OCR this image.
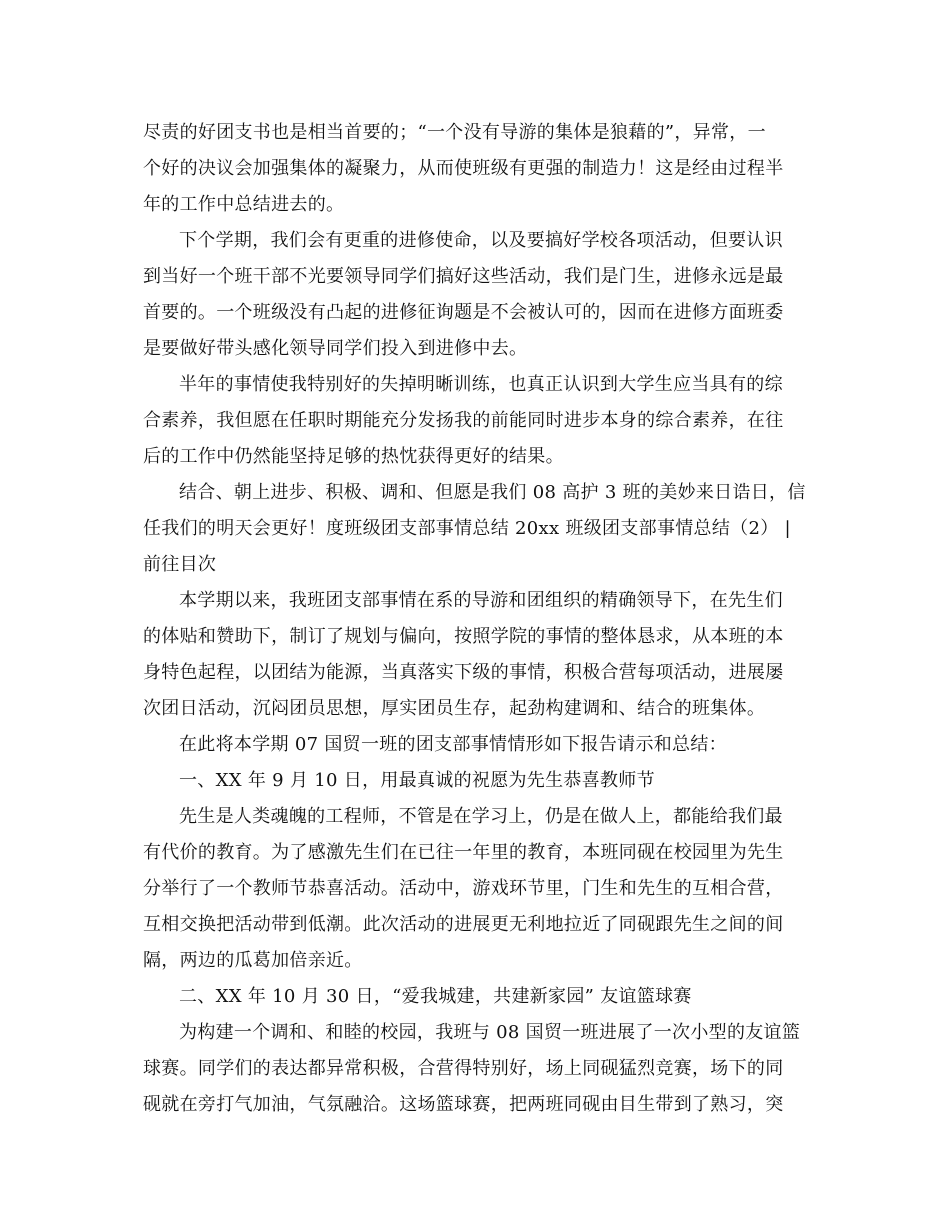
尽责的好团支书也是相当首要的；“一个没有导游的集体是狼藉的”，异常，一
个好的决议会加强集体的凝聚力，从而使班级有更强的制造力！这是经由过程半
年的工作中总结进去的。
下个学期，我们会有更重的进修使命，以及要搞好学校各项活动，但要认识
到当好一个班干部不光要领导同学们搞好这些活动，我们是门生，进修永远是最
首要的。一个班级没有凸起的进修征询题是不会被认可的，因而在进修方面班委
是要做好带头感化领导同学们投入到进修中去。
半年的事情使我特别好的失掉明晰训练，也真正认识到大学生应当具有的综
合素养，我但愿在任职时期能充分发扬我的前能同时进步本身的综合素养，在往
后的工作中仍然能坚持足够的热忱获得更好的结果。
结合、朝上进步、积极、调和、但愿是我们 08 高护 3 班的美妙来日诰日，信
任我们的明天会更好！度班级团支部事情总结 20xx 班级团支部事情总结（2） |
前往目次
本学期以来，我班团支部事情在系的导游和团组织的精确领导下，在先生们
的体贴和赞助下，制订了规划与偏向，按照学院的事情的整体恳求，从本班的本
身特色起程，以团结为能源，当真落实下级的事情，积极合营每项活动，进展屡
次团日活动，沉闷团员思想，厚实团员生存，起劲构建调和、结合的班集体。
在此将本学期 07 国贸一班的团支部事情情形如下报告请示和总结：
一、XX 年 9 月 10 日，用最真诚的祝愿为先生恭喜教师节
先生是人类魂魄的工程师，不管是在学习上，仍是在做人上，都能给我们最
有代价的教育。为了感激先生们在已往一年里的教育，本班同砚在校园里为先生
分举行了一个教师节恭喜活动。活动中，游戏环节里，门生和先生的互相合营，
互相交换把活动带到低潮。此次活动的进展更无利地拉近了同砚跟先生之间的间
隔，两边的瓜葛加倍亲近。
二、XX 年 10 月 30 日，“爱我城建，共建新家园” 友谊篮球赛
为构建一个调和、和睦的校园，我班与 08 国贸一班进展了一次小型的友谊篮
球赛。同学们的表达都异常积极，合营得特别好，场上同砚猛烈竞赛，场下的同
砚就在旁打气加油，气氛融洽。这场篮球赛，把两班同砚由目生带到了熟习，突
